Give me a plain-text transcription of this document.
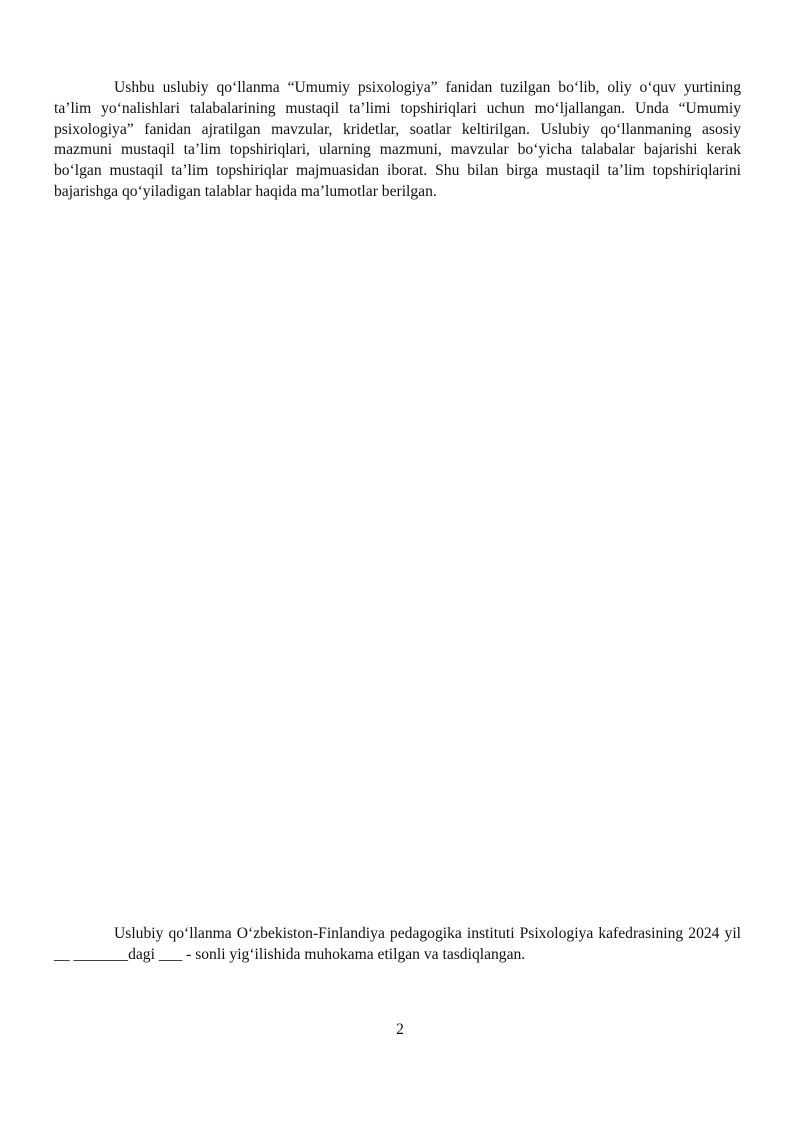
Ushbu uslubiy qo‘llanma “Umumiy psixologiya” fanidan tuzilgan bo‘lib, oliy o‘quv yurtining ta’lim yo‘nalishlari talabalarining mustaqil ta’limi topshiriqlari uchun mo‘ljallangan. Unda “Umumiy psixologiya” fanidan ajratilgan mavzular, kridetlar, soatlar keltirilgan. Uslubiy qo‘llanmaning asosiy mazmuni mustaqil ta’lim topshiriqlari, ularning mazmuni, mavzular bo‘yicha talabalar bajarishi kerak bo‘lgan mustaqil ta’lim topshiriqlar majmuasidan iborat. Shu bilan birga mustaqil ta’lim topshiriqlarini bajarishga qo‘yiladigan talablar haqida ma’lumotlar berilgan.

Uslubiy qo‘llanma O‘zbekiston-Finlandiya pedagogika instituti Psixologiya kafedrasining 2024 yil __ _______dagi ___ - sonli yig‘ilishida muhokama etilgan va tasdiqlangan.

2
